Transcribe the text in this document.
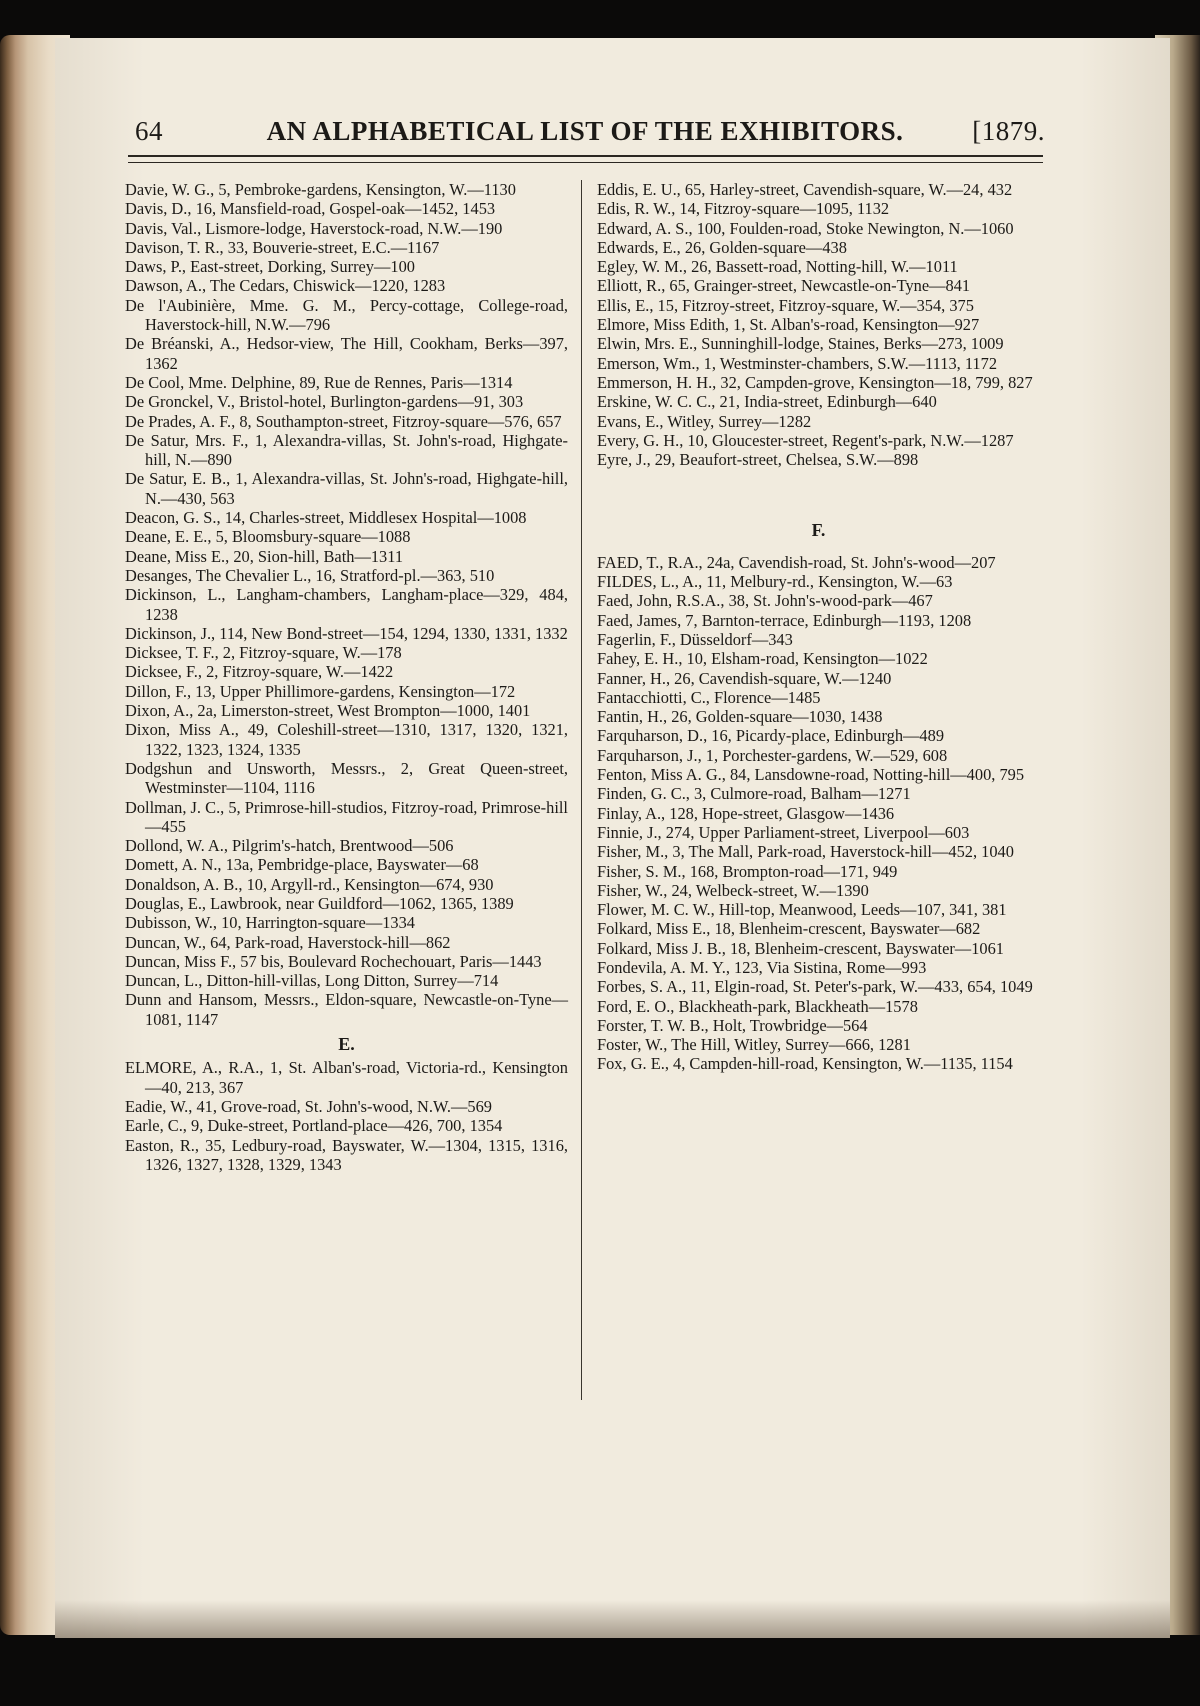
64	AN ALPHABETICAL LIST OF THE EXHIBITORS.	[1879.

Davie, W. G., 5, Pembroke-gardens, Kensington, W.—1130

Davis, D., 16, Mansfield-road, Gospel-oak—1452, 1453

Davis, Val., Lismore-lodge, Haverstock-road, N.W.—190

Davison, T. R., 33, Bouverie-street, E.C.—1167

Daws, P., East-street, Dorking, Surrey—100

Dawson, A., The Cedars, Chiswick—1220, 1283

De l'Aubinière, Mme. G. M., Percy-cottage, College-road, Haverstock-hill, N.W.—796

De Bréanski, A., Hedsor-view, The Hill, Cookham, Berks—397, 1362

De Cool, Mme. Delphine, 89, Rue de Rennes, Paris—1314

De Gronckel, V., Bristol-hotel, Burlington-gardens—91, 303

De Prades, A. F., 8, Southampton-street, Fitzroy-square—576, 657

De Satur, Mrs. F., 1, Alexandra-villas, St. John's-road, Highgate-hill, N.—890

De Satur, E. B., 1, Alexandra-villas, St. John's-road, Highgate-hill, N.—430, 563

Deacon, G. S., 14, Charles-street, Middlesex Hospital—1008

Deane, E. E., 5, Bloomsbury-square—1088

Deane, Miss E., 20, Sion-hill, Bath—1311

Desanges, The Chevalier L., 16, Stratford-pl.—363, 510

Dickinson, L., Langham-chambers, Langham-place—329, 484, 1238

Dickinson, J., 114, New Bond-street—154, 1294, 1330, 1331, 1332

Dicksee, T. F., 2, Fitzroy-square, W.—178

Dicksee, F., 2, Fitzroy-square, W.—1422

Dillon, F., 13, Upper Phillimore-gardens, Kensington—172

Dixon, A., 2a, Limerston-street, West Brompton—1000, 1401

Dixon, Miss A., 49, Coleshill-street—1310, 1317, 1320, 1321, 1322, 1323, 1324, 1335

Dodgshun and Unsworth, Messrs., 2, Great Queen-street, Westminster—1104, 1116

Dollman, J. C., 5, Primrose-hill-studios, Fitzroy-road, Primrose-hill—455

Dollond, W. A., Pilgrim's-hatch, Brentwood—506

Domett, A. N., 13a, Pembridge-place, Bayswater—68

Donaldson, A. B., 10, Argyll-rd., Kensington—674, 930

Douglas, E., Lawbrook, near Guildford—1062, 1365, 1389

Dubisson, W., 10, Harrington-square—1334

Duncan, W., 64, Park-road, Haverstock-hill—862

Duncan, Miss F., 57 bis, Boulevard Rochechouart, Paris—1443

Duncan, L., Ditton-hill-villas, Long Ditton, Surrey—714

Dunn and Hansom, Messrs., Eldon-square, Newcastle-on-Tyne—1081, 1147

E.

ELMORE, A., R.A., 1, St. Alban's-road, Victoria-rd., Kensington—40, 213, 367

Eadie, W., 41, Grove-road, St. John's-wood, N.W.—569

Earle, C., 9, Duke-street, Portland-place—426, 700, 1354

Easton, R., 35, Ledbury-road, Bayswater, W.—1304, 1315, 1316, 1326, 1327, 1328, 1329, 1343

Eddis, E. U., 65, Harley-street, Cavendish-square, W.—24, 432

Edis, R. W., 14, Fitzroy-square—1095, 1132

Edward, A. S., 100, Foulden-road, Stoke Newington, N.—1060

Edwards, E., 26, Golden-square—438

Egley, W. M., 26, Bassett-road, Notting-hill, W.—1011

Elliott, R., 65, Grainger-street, Newcastle-on-Tyne—841

Ellis, E., 15, Fitzroy-street, Fitzroy-square, W.—354, 375

Elmore, Miss Edith, 1, St. Alban's-road, Kensington—927

Elwin, Mrs. E., Sunninghill-lodge, Staines, Berks—273, 1009

Emerson, Wm., 1, Westminster-chambers, S.W.—1113, 1172

Emmerson, H. H., 32, Campden-grove, Kensington—18, 799, 827

Erskine, W. C. C., 21, India-street, Edinburgh—640

Evans, E., Witley, Surrey—1282

Every, G. H., 10, Gloucester-street, Regent's-park, N.W.—1287

Eyre, J., 29, Beaufort-street, Chelsea, S.W.—898

F.

FAED, T., R.A., 24a, Cavendish-road, St. John's-wood—207

FILDES, L., A., 11, Melbury-rd., Kensington, W.—63

Faed, John, R.S.A., 38, St. John's-wood-park—467

Faed, James, 7, Barnton-terrace, Edinburgh—1193, 1208

Fagerlin, F., Düsseldorf—343

Fahey, E. H., 10, Elsham-road, Kensington—1022

Fanner, H., 26, Cavendish-square, W.—1240

Fantacchiotti, C., Florence—1485

Fantin, H., 26, Golden-square—1030, 1438

Farquharson, D., 16, Picardy-place, Edinburgh—489

Farquharson, J., 1, Porchester-gardens, W.—529, 608

Fenton, Miss A. G., 84, Lansdowne-road, Notting-hill—400, 795

Finden, G. C., 3, Culmore-road, Balham—1271

Finlay, A., 128, Hope-street, Glasgow—1436

Finnie, J., 274, Upper Parliament-street, Liverpool—603

Fisher, M., 3, The Mall, Park-road, Haverstock-hill—452, 1040

Fisher, S. M., 168, Brompton-road—171, 949

Fisher, W., 24, Welbeck-street, W.—1390

Flower, M. C. W., Hill-top, Meanwood, Leeds—107, 341, 381

Folkard, Miss E., 18, Blenheim-crescent, Bayswater—682

Folkard, Miss J. B., 18, Blenheim-crescent, Bayswater—1061

Fondevila, A. M. Y., 123, Via Sistina, Rome—993

Forbes, S. A., 11, Elgin-road, St. Peter's-park, W.—433, 654, 1049

Ford, E. O., Blackheath-park, Blackheath—1578

Forster, T. W. B., Holt, Trowbridge—564

Foster, W., The Hill, Witley, Surrey—666, 1281

Fox, G. E., 4, Campden-hill-road, Kensington, W.—1135, 1154
